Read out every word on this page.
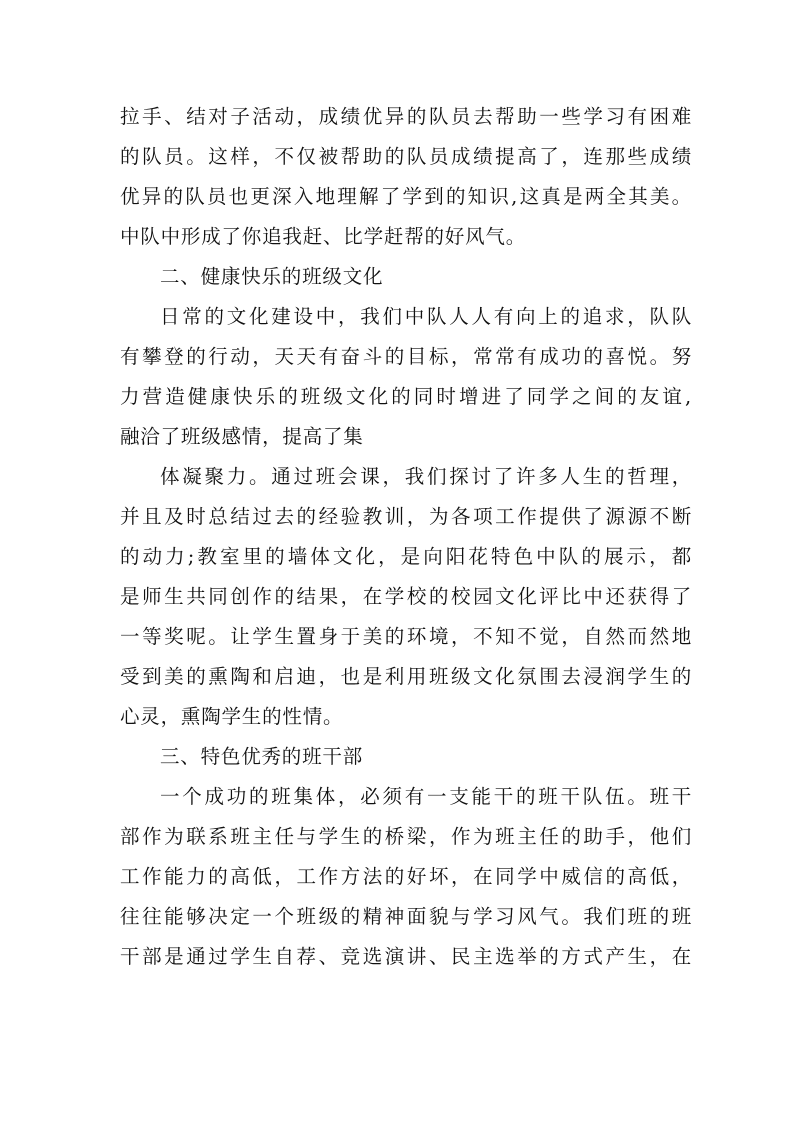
拉手、结对子活动，成绩优异的队员去帮助一些学习有困难
的队员。这样，不仅被帮助的队员成绩提高了，连那些成绩
优异的队员也更深入地理解了学到的知识,这真是两全其美。
中队中形成了你追我赶、比学赶帮的好风气。
二、健康快乐的班级文化
日常的文化建设中，我们中队人人有向上的追求，队队
有攀登的行动，天天有奋斗的目标，常常有成功的喜悦。努
力营造健康快乐的班级文化的同时增进了同学之间的友谊,
融洽了班级感情，提高了集
体凝聚力。通过班会课，我们探讨了许多人生的哲理，
并且及时总结过去的经验教训，为各项工作提供了源源不断
的动力;教室里的墙体文化，是向阳花特色中队的展示，都
是师生共同创作的结果，在学校的校园文化评比中还获得了
一等奖呢。让学生置身于美的环境，不知不觉，自然而然地
受到美的熏陶和启迪，也是利用班级文化氛围去浸润学生的
心灵，熏陶学生的性情。
三、特色优秀的班干部
一个成功的班集体，必须有一支能干的班干队伍。班干
部作为联系班主任与学生的桥梁，作为班主任的助手，他们
工作能力的高低，工作方法的好坏，在同学中威信的高低，
往往能够决定一个班级的精神面貌与学习风气。我们班的班
干部是通过学生自荐、竞选演讲、民主选举的方式产生，在
